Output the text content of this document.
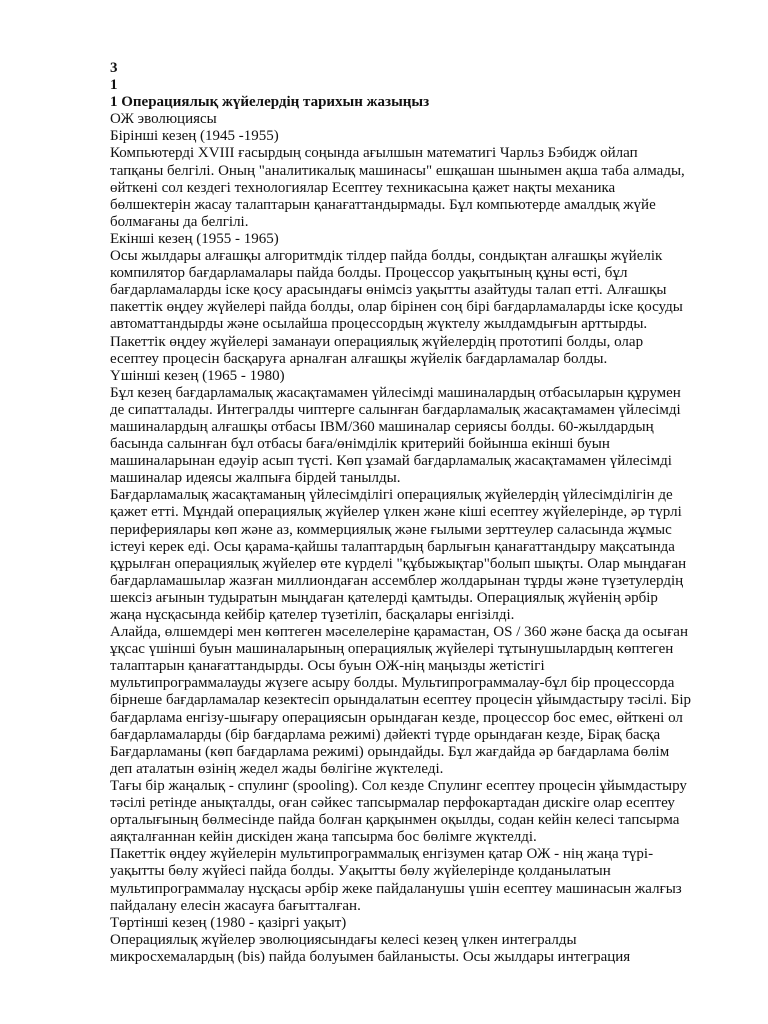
3
1
1 Операциялық жүйелердің тарихын жазыңыз
ОЖ эволюциясы
Бірінші кезең (1945 -1955)
Компьютерді XVIII ғасырдың соңында ағылшын математигі Чарльз Бэбидж ойлап
тапқаны белгілі. Оның "аналитикалық машинасы" ешқашан шынымен ақша таба алмады,
өйткені сол кездегі технологиялар Есептеу техникасына қажет нақты механика
бөлшектерін жасау талаптарын қанағаттандырмады. Бұл компьютерде амалдық жүйе
болмағаны да белгілі.
Екінші кезең (1955 - 1965)
Осы жылдары алғашқы алгоритмдік тілдер пайда болды, сондықтан алғашқы жүйелік
компилятор бағдарламалары пайда болды. Процессор уақытының құны өсті, бұл
бағдарламаларды іске қосу арасындағы өнімсіз уақытты азайтуды талап етті. Алғашқы
пакеттік өңдеу жүйелері пайда болды, олар бірінен соң бірі бағдарламаларды іске қосуды
автоматтандырды және осылайша процессордың жүктелу жылдамдығын арттырды.
Пакеттік өңдеу жүйелері заманауи операциялық жүйелердің прототипі болды, олар
есептеу процесін басқаруға арналған алғашқы жүйелік бағдарламалар болды.
Үшінші кезең (1965 - 1980)
Бұл кезең бағдарламалық жасақтамамен үйлесімді машиналардың отбасыларын құрумен
де сипатталады. Интегралды чиптерге салынған бағдарламалық жасақтамамен үйлесімді
машиналардың алғашқы отбасы IBM/360 машиналар сериясы болды. 60-жылдардың
басында салынған бұл отбасы баға/өнімділік критерийі бойынша екінші буын
машиналарынан едәуір асып түсті. Көп ұзамай бағдарламалық жасақтамамен үйлесімді
машиналар идеясы жалпыға бірдей танылды.
Бағдарламалық жасақтаманың үйлесімділігі операциялық жүйелердің үйлесімділігін де
қажет етті. Мұндай операциялық жүйелер үлкен және кіші есептеу жүйелерінде, әр түрлі
перифериялары көп және аз, коммерциялық және ғылыми зерттеулер саласында жұмыс
істеуі керек еді. Осы қарама-қайшы талаптардың барлығын қанағаттандыру мақсатында
құрылған операциялық жүйелер өте күрделі "құбыжықтар"болып шықты. Олар мыңдаған
бағдарламашылар жазған миллиондаған ассемблер жолдарынан тұрды және түзетулердің
шексіз ағынын тудыратын мыңдаған қателерді қамтыды. Операциялық жүйенің әрбір
жаңа нұсқасында кейбір қателер түзетіліп, басқалары енгізілді.
Алайда, өлшемдері мен көптеген мәселелеріне қарамастан, OS / 360 және басқа да осыған
ұқсас үшінші буын машиналарының операциялық жүйелері тұтынушылардың көптеген
талаптарын қанағаттандырды. Осы буын ОЖ-нің маңызды жетістігі
мультипрограммалауды жүзеге асыру болды. Мультипрограммалау-бұл бір процессорда
бірнеше бағдарламалар кезектесіп орындалатын есептеу процесін ұйымдастыру тәсілі. Бір
бағдарлама енгізу-шығару операциясын орындаған кезде, процессор бос емес, өйткені ол
бағдарламаларды (бір бағдарлама режимі) дәйекті түрде орындаған кезде, Бірақ басқа
Бағдарламаны (көп бағдарлама режимі) орындайды. Бұл жағдайда әр бағдарлама бөлім
деп аталатын өзінің жедел жады бөлігіне жүктеледі.
Тағы бір жаңалық - спулинг (spooling). Сол кезде Спулинг есептеу процесін ұйымдастыру
тәсілі ретінде анықталды, оған сәйкес тапсырмалар перфокартадан дискіге олар есептеу
орталығының бөлмесінде пайда болған қарқынмен оқылды, содан кейін келесі тапсырма
аяқталғаннан кейін дискіден жаңа тапсырма бос бөлімге жүктелді.
Пакеттік өңдеу жүйелерін мультипрограммалық енгізумен қатар ОЖ - нің жаңа түрі-
уақытты бөлу жүйесі пайда болды. Уақытты бөлу жүйелерінде қолданылатын
мультипрограммалау нұсқасы әрбір жеке пайдаланушы үшін есептеу машинасын жалғыз
пайдалану елесін жасауға бағытталған.
Төртінші кезең (1980 - қазіргі уақыт)
Операциялық жүйелер эволюциясындағы келесі кезең үлкен интегралды
микросхемалардың (bis) пайда болуымен байланысты. Осы жылдары интеграция
